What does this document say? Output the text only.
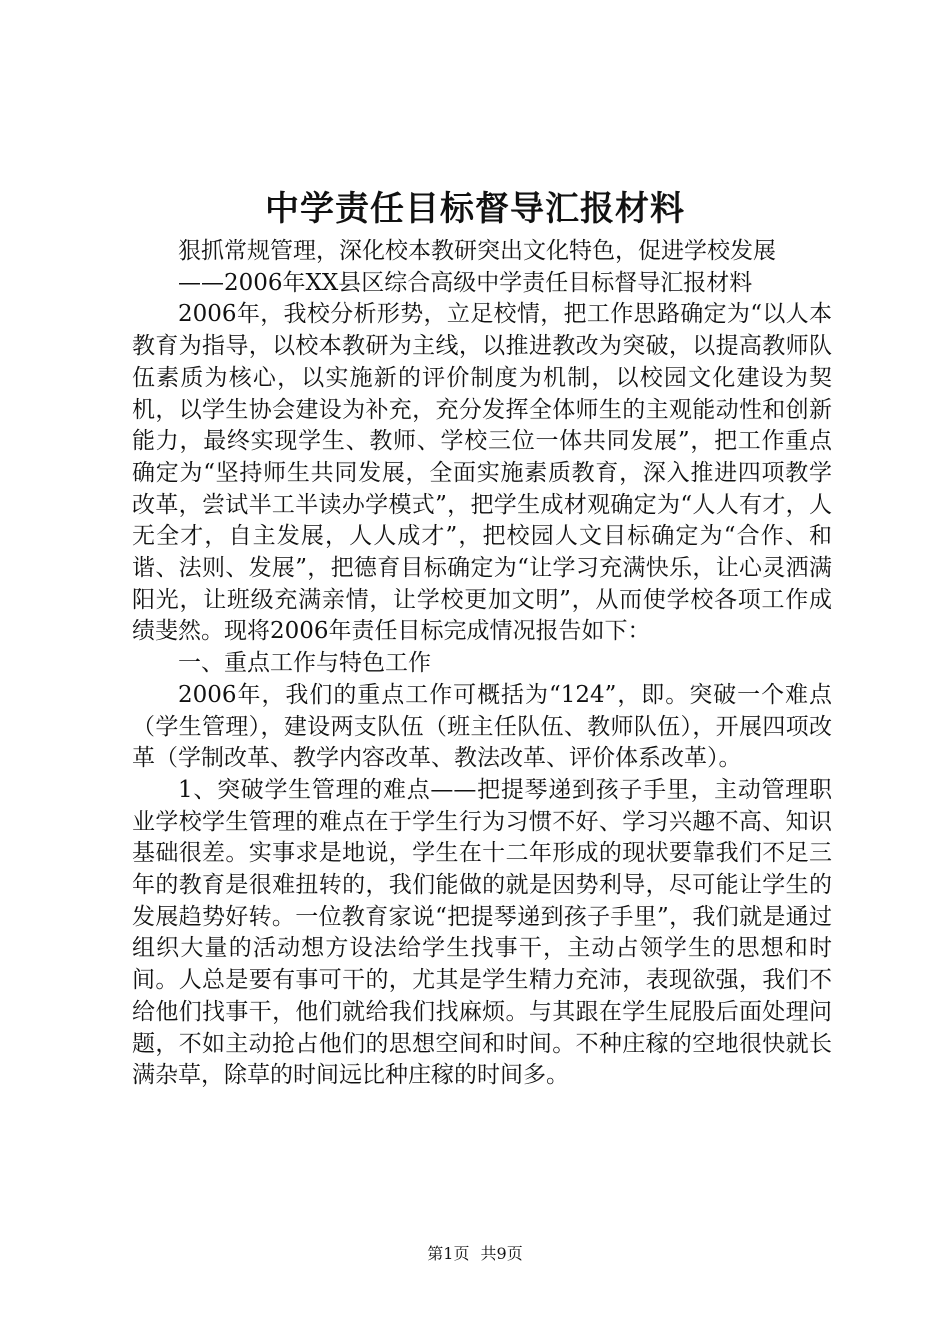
中学责任目标督导汇报材料

狠抓常规管理，深化校本教研突出文化特色，促进学校发展

——2006年XX县区综合高级中学责任目标督导汇报材料

2006年，我校分析形势，立足校情，把工作思路确定为“以人本教育为指导，以校本教研为主线，以推进教改为突破，以提高教师队伍素质为核心，以实施新的评价制度为机制，以校园文化建设为契机，以学生协会建设为补充，充分发挥全体师生的主观能动性和创新能力，最终实现学生、教师、学校三位一体共同发展”，把工作重点确定为“坚持师生共同发展，全面实施素质教育，深入推进四项教学改革，尝试半工半读办学模式”，把学生成材观确定为“人人有才，人无全才，自主发展，人人成才”，把校园人文目标确定为“合作、和谐、法则、发展”，把德育目标确定为“让学习充满快乐，让心灵洒满阳光，让班级充满亲情，让学校更加文明”，从而使学校各项工作成绩斐然。现将2006年责任目标完成情况报告如下：

一、重点工作与特色工作

2006年，我们的重点工作可概括为“124”，即。突破一个难点（学生管理），建设两支队伍（班主任队伍、教师队伍），开展四项改革（学制改革、教学内容改革、教法改革、评价体系改革）。

1、突破学生管理的难点——把提琴递到孩子手里，主动管理职业学校学生管理的难点在于学生行为习惯不好、学习兴趣不高、知识基础很差。实事求是地说，学生在十二年形成的现状要靠我们不足三年的教育是很难扭转的，我们能做的就是因势利导，尽可能让学生的发展趋势好转。一位教育家说“把提琴递到孩子手里”，我们就是通过组织大量的活动想方设法给学生找事干，主动占领学生的思想和时间。人总是要有事可干的，尤其是学生精力充沛，表现欲强，我们不给他们找事干，他们就给我们找麻烦。与其跟在学生屁股后面处理问题，不如主动抢占他们的思想空间和时间。不种庄稼的空地很快就长满杂草，除草的时间远比种庄稼的时间多。

第1页 共9页
